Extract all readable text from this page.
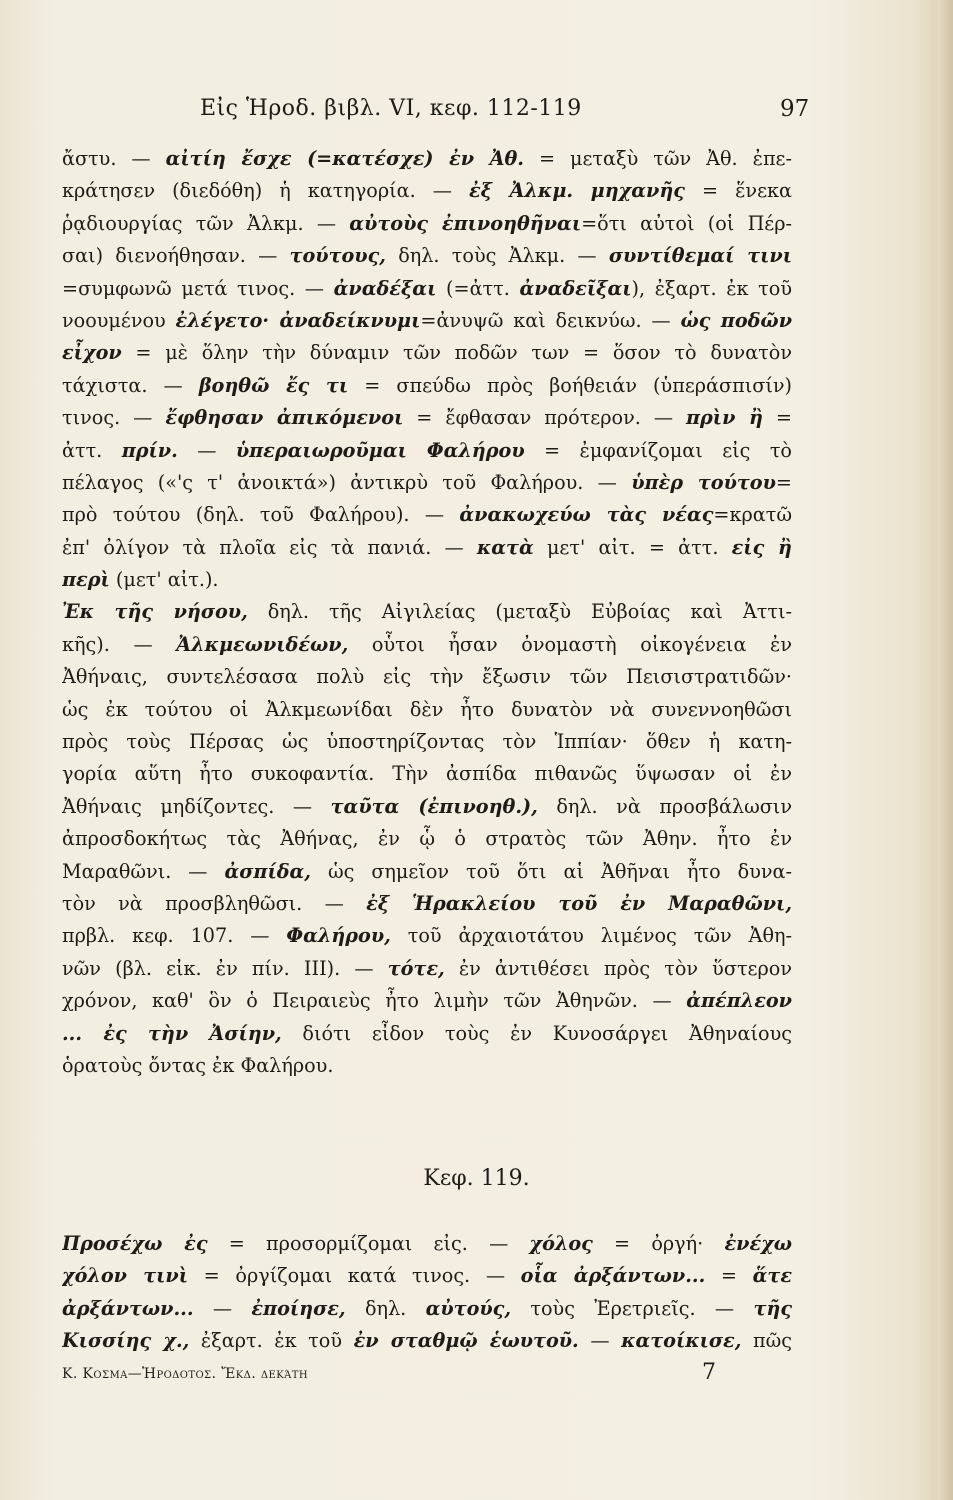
Εἰς Ἡροδ. βιβλ. VI, κεφ. 112-119	97
ἄστυ. — αἰτίη ἔσχε (=κατέσχε) ἐν Ἀθ. = μεταξὺ τῶν Ἀθ. ἐπε-
κράτησεν (διεδόθη) ἡ κατηγορία. — ἐξ Ἀλκμ. μηχανῆς = ἕνεκα
ῥᾳδιουργίας τῶν Ἀλκμ. — αὐτοὺς ἐπινοηθῆναι=ὅτι αὐτοὶ (οἱ Πέρ-
σαι) διενοήθησαν. — τούτους, δηλ. τοὺς Ἀλκμ. — συντίθεμαί τινι
=συμφωνῶ μετά τινος. — ἀναδέξαι (=ἀττ. ἀναδεῖξαι), ἐξαρτ. ἐκ τοῦ
νοουμένου ἐλέγετο· ἀναδείκνυμι=ἀνυψῶ καὶ δεικνύω. — ὡς ποδῶν
εἶχον = μὲ ὅλην τὴν δύναμιν τῶν ποδῶν των = ὅσον τὸ δυνατὸν
τάχιστα. — βοηθῶ ἔς τι = σπεύδω πρὸς βοήθειάν (ὑπεράσπισίν)
τινος. — ἔφθησαν ἀπικόμενοι = ἔφθασαν πρότερον. — πρὶν ἢ =
ἀττ. πρίν. — ὑπεραιωροῦμαι Φαλήρου = ἐμφανίζομαι εἰς τὸ
πέλαγος («'ς τ' ἀνοικτά») ἀντικρὺ τοῦ Φαλήρου. — ὑπὲρ τούτου=
πρὸ τούτου (δηλ. τοῦ Φαλήρου). — ἀνακωχεύω τὰς νέας=κρατῶ
ἐπ' ὀλίγον τὰ πλοῖα εἰς τὰ πανιά. — κατὰ μετ' αἰτ. = ἀττ. εἰς ἢ
περὶ (μετ' αἰτ.).
Ἐκ τῆς νήσου, δηλ. τῆς Αἰγιλείας (μεταξὺ Εὐβοίας καὶ Ἀττι-
κῆς). — Ἀλκμεωνιδέων, οὗτοι ἦσαν ὀνομαστὴ οἰκογένεια ἐν
Ἀθήναις, συντελέσασα πολὺ εἰς τὴν ἔξωσιν τῶν Πεισιστρατιδῶν·
ὡς ἐκ τούτου οἱ Ἀλκμεωνίδαι δὲν ἦτο δυνατὸν νὰ συνεννοηθῶσι
πρὸς τοὺς Πέρσας ὡς ὑποστηρίζοντας τὸν Ἱππίαν· ὅθεν ἡ κατη-
γορία αὕτη ἦτο συκοφαντία. Τὴν ἀσπίδα πιθανῶς ὕψωσαν οἱ ἐν
Ἀθήναις μηδίζοντες. — ταῦτα (ἐπινοηθ.), δηλ. νὰ προσβάλωσιν
ἀπροσδοκήτως τὰς Ἀθήνας, ἐν ᾧ ὁ στρατὸς τῶν Ἀθην. ἦτο ἐν
Μαραθῶνι. — ἀσπίδα, ὡς σημεῖον τοῦ ὅτι αἱ Ἀθῆναι ἦτο δυνα-
τὸν νὰ προσβληθῶσι. — ἐξ Ἡρακλείου τοῦ ἐν Μαραθῶνι,
πρβλ. κεφ. 107. — Φαλήρου, τοῦ ἀρχαιοτάτου λιμένος τῶν Ἀθη-
νῶν (βλ. εἰκ. ἐν πίν. III). — τότε, ἐν ἀντιθέσει πρὸς τὸν ὕστερον
χρόνον, καθ' ὃν ὁ Πειραιεὺς ἦτο λιμὴν τῶν Ἀθηνῶν. — ἀπέπλεον
... ἐς τὴν Ἀσίην, διότι εἶδον τοὺς ἐν Κυνοσάργει Ἀθηναίους
ὁρατοὺς ὄντας ἐκ Φαλήρου.
Κεφ. 119.
Προσέχω ἐς = προσορμίζομαι εἰς. — χόλος = ὀργή· ἐνέχω
χόλον τινὶ = ὀργίζομαι κατά τινος. — οἷα ἀρξάντων... = ἅτε
ἀρξάντων... — ἐποίησε, δηλ. αὐτούς, τοὺς Ἐρετριεῖς. — τῆς
Κισσίης χ., ἐξαρτ. ἐκ τοῦ ἐν σταθμῷ ἑωυτοῦ. — κατοίκισε, πῶς
Κ. Κοσμα—Ἡροδοτος. Ἔκδ. δεκάτη	7
